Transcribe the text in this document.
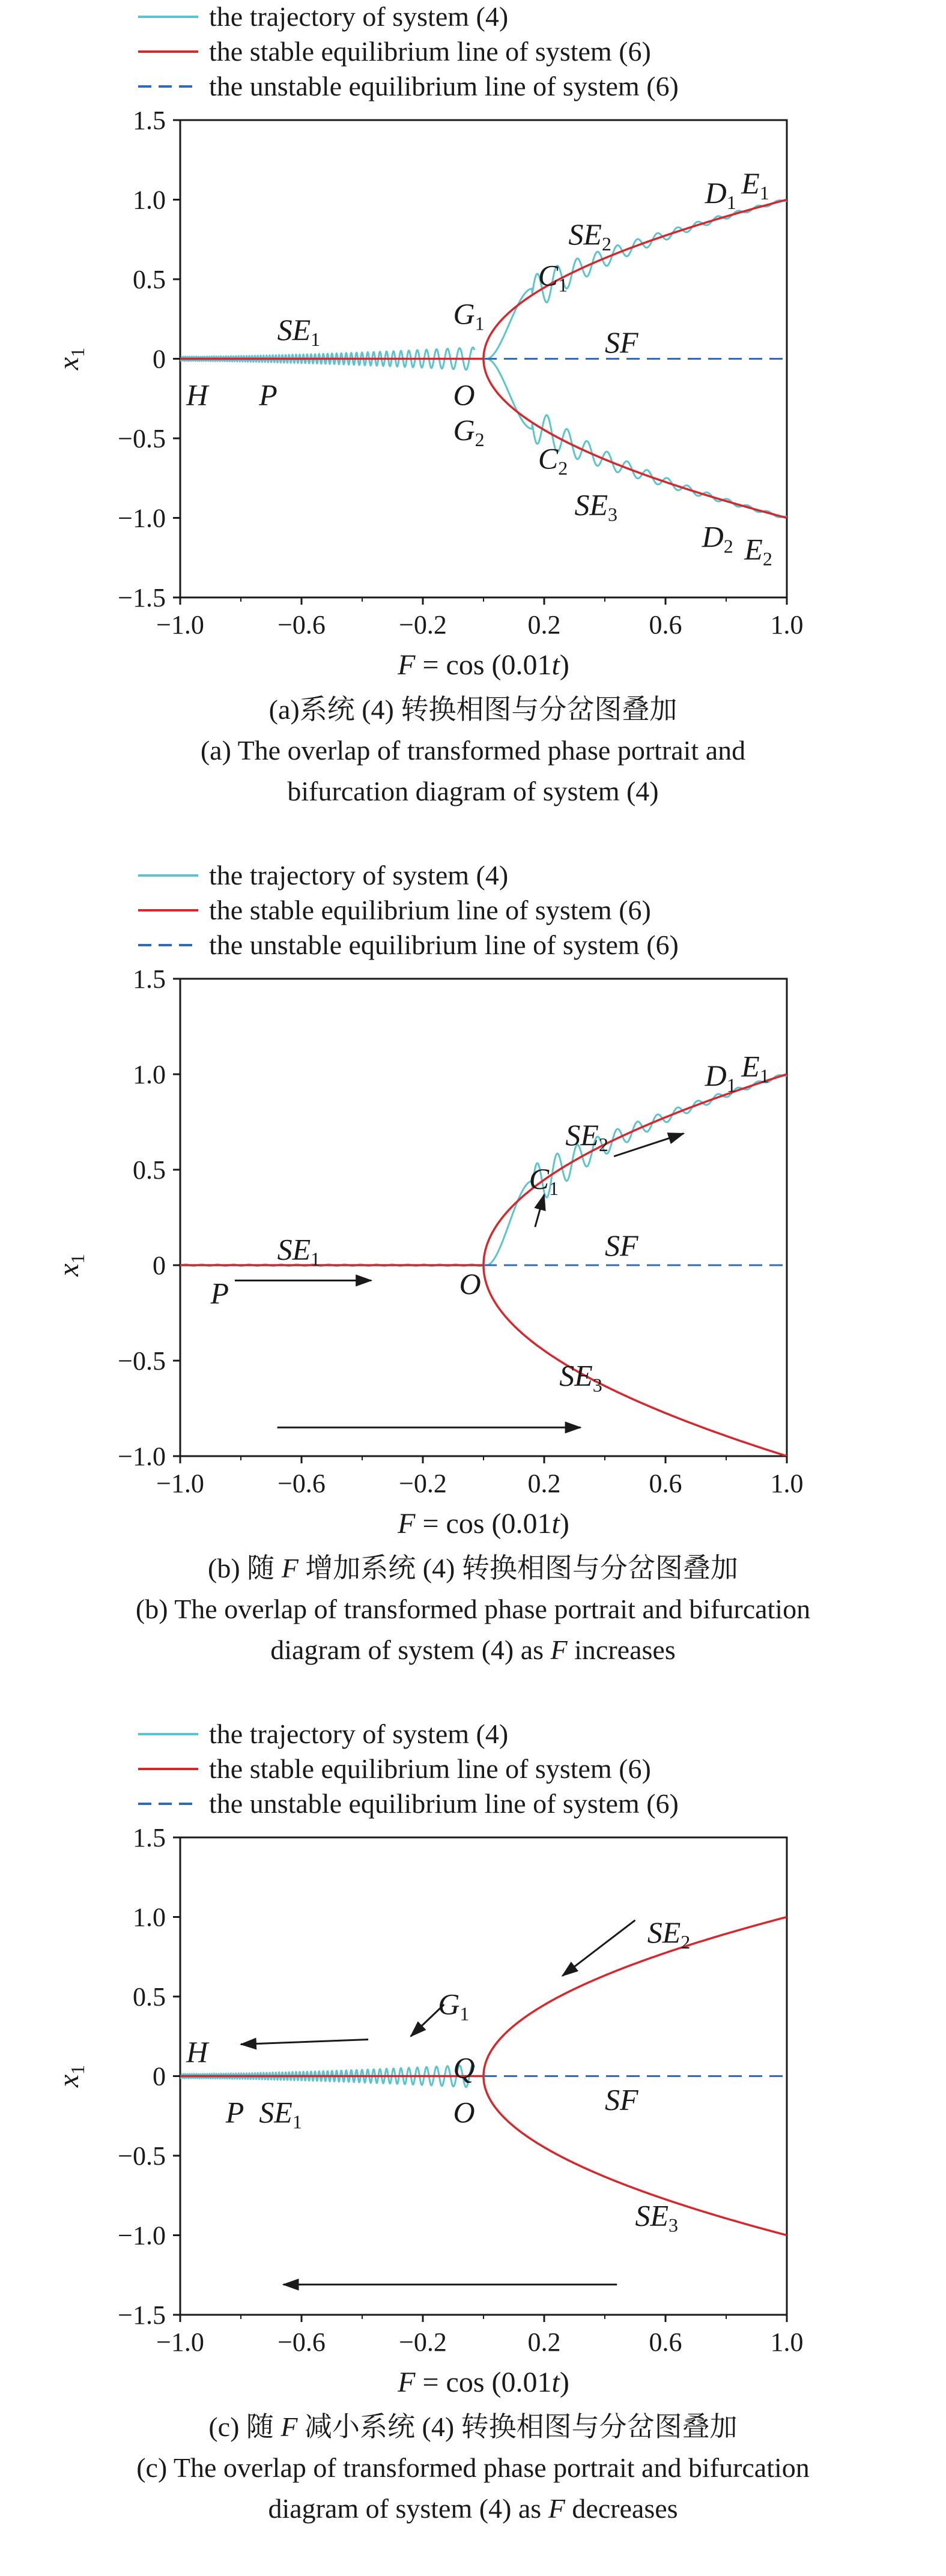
the trajectory of system (4)
the stable equilibrium line of system (6)
the unstable equilibrium line of system (6)
−1.0	−0.6	−0.2	0.2	0.6	1.0
1.5
1.0
0.5
0
−0.5
−1.0
−1.5
F = cos (0.01t)
$x_1$
H P
$SE_1$
$G_1$
O
$G_2$
$C_1$
$C_2$
$SE_2$
$SE_3$
SF
$D_1$
$E_1$
$D_2$ $E_2$
(a)系统 (4) 转换相图与分岔图叠加
(a) The overlap of transformed phase portrait and
bifurcation diagram of system (4)
the trajectory of system (4)
the stable equilibrium line of system (6)
the unstable equilibrium line of system (6)
−1.0	−0.6	−0.2	0.2	0.6	1.0
1.5
1.0
0.5
0
−0.5
−1.0
F = cos (0.01t)
$x_1$
P
$SE_1$
O
$C_1$
$SE_2$
SF
$SE_3$
$D_1$
$E_1$
(b) 随 F 增加系统 (4) 转换相图与分岔图叠加
(b) The overlap of transformed phase portrait and bifurcation
diagram of system (4) as F increases
the trajectory of system (4)
the stable equilibrium line of system (6)
the unstable equilibrium line of system (6)
−1.0	−0.6	−0.2	0.2	0.6	1.0
1.5
1.0
0.5
0
−0.5
−1.0
−1.5
F = cos (0.01t)
$x_1$
H
P $SE_1$
$G_1$
Q
O	SF
$SE_2$
$SE_3$
(c) 随 F 减小系统 (4) 转换相图与分岔图叠加
(c) The overlap of transformed phase portrait and bifurcation
diagram of system (4) as F decreases
